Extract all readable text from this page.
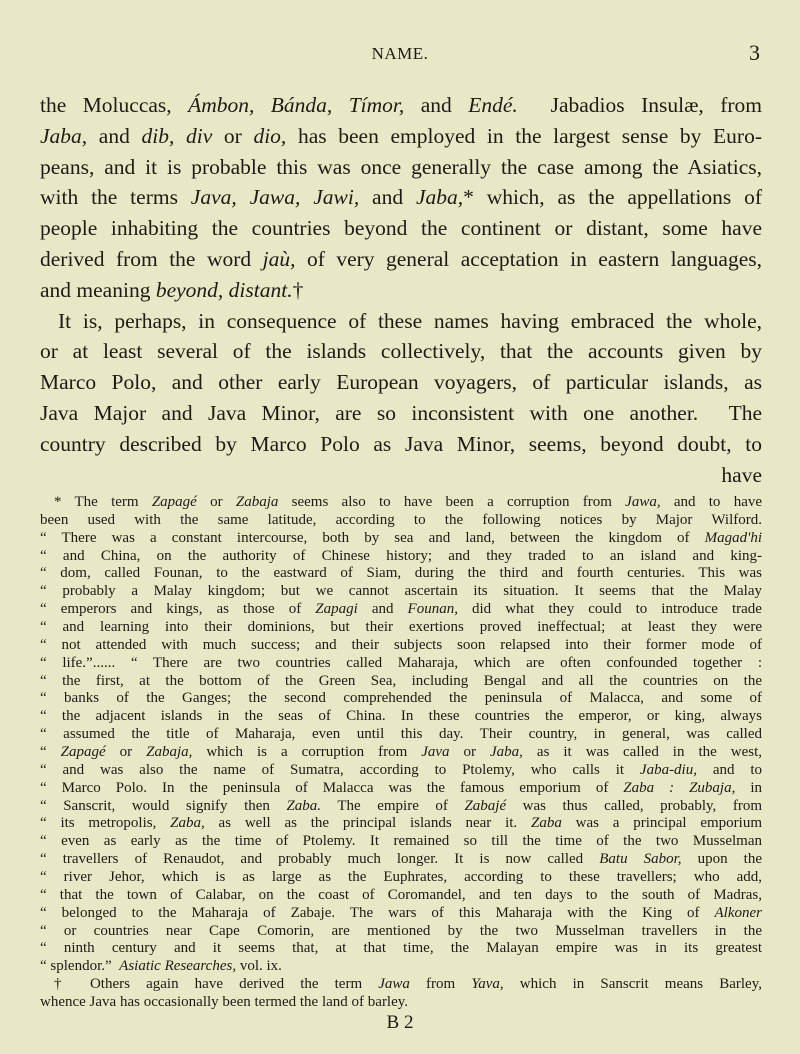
NAME.	3
the Moluccas, Ámbon, Bánda, Tímor, and Endé.  Jabadios Insulæ, from
Jaba, and dib, div or dio, has been employed in the largest sense by Euro-
peans, and it is probable this was once generally the case among the Asiatics,
with the terms Java, Jawa, Jawi, and Jaba,* which, as the appellations of
people inhabiting the countries beyond the continent or distant, some have
derived from the word jaù, of very general acceptation in eastern languages,
and meaning beyond, distant.†
It is, perhaps, in consequence of these names having embraced the whole,
or at least several of the islands collectively, that the accounts given by
Marco Polo, and other early European voyagers, of particular islands, as
Java Major and Java Minor, are so inconsistent with one another.  The
country described by Marco Polo as Java Minor, seems, beyond doubt, to
have
* The term Zapagé or Zabaja seems also to have been a corruption from Jawa, and to have
been used with the same latitude, according to the following notices by Major Wilford.
“ There was a constant intercourse, both by sea and land, between the kingdom of Magad'hi
“ and China, on the authority of Chinese history; and they traded to an island and king-
“ dom, called Founan, to the eastward of Siam, during the third and fourth centuries. This was
“ probably a Malay kingdom; but we cannot ascertain its situation. It seems that the Malay
“ emperors and kings, as those of Zapagi and Founan, did what they could to introduce trade
“ and learning into their dominions, but their exertions proved ineffectual; at least they were
“ not attended with much success; and their subjects soon relapsed into their former mode of
“ life.”...... “ There are two countries called Maharaja, which are often confounded together :
“ the first, at the bottom of the Green Sea, including Bengal and all the countries on the
“ banks of the Ganges; the second comprehended the peninsula of Malacca, and some of
“ the adjacent islands in the seas of China. In these countries the emperor, or king, always
“ assumed the title of Maharaja, even until this day. Their country, in general, was called
“ Zapagé or Zabaja, which is a corruption from Java or Jaba, as it was called in the west,
“ and was also the name of Sumatra, according to Ptolemy, who calls it Jaba-diu, and to
“ Marco Polo. In the peninsula of Malacca was the famous emporium of Zaba : Zubaja, in
“ Sanscrit, would signify then Zaba. The empire of Zabajé was thus called, probably, from
“ its metropolis, Zaba, as well as the principal islands near it. Zaba was a principal emporium
“ even as early as the time of Ptolemy. It remained so till the time of the two Musselman
“ travellers of Renaudot, and probably much longer. It is now called Batu Sabor, upon the
“ river Jehor, which is as large as the Euphrates, according to these travellers; who add,
“ that the town of Calabar, on the coast of Coromandel, and ten days to the south of Madras,
“ belonged to the Maharaja of Zabaje. The wars of this Maharaja with the King of Alkoner
“ or countries near Cape Comorin, are mentioned by the two Musselman travellers in the
“ ninth century and it seems that, at that time, the Malayan empire was in its greatest
“ splendor.”  Asiatic Researches, vol. ix.
† Others again have derived the term Jawa from Yava, which in Sanscrit means Barley,
whence Java has occasionally been termed the land of barley.
B 2
